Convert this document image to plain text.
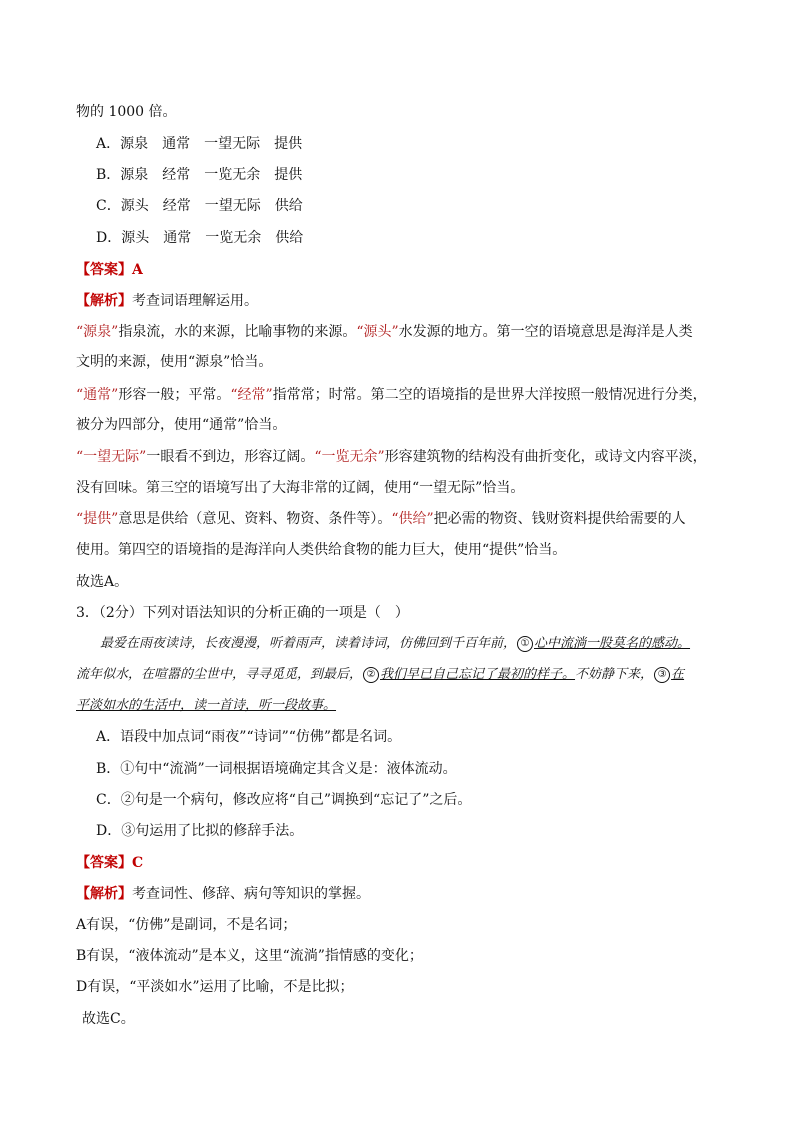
物的 1000 倍。
A．源泉　通常　一望无际　提供
B．源泉　经常　一览无余　提供
C．源头　经常　一望无际　供给
D．源头　通常　一览无余　供给
【答案】A
【解析】考查词语理解运用。
“源泉”指泉流，水的来源，比喻事物的来源。“源头”水发源的地方。第一空的语境意思是海洋是人类
文明的来源，使用“源泉”恰当。
“通常”形容一般；平常。“经常”指常常；时常。第二空的语境指的是世界大洋按照一般情况进行分类，
被分为四部分，使用“通常”恰当。
“一望无际”一眼看不到边，形容辽阔。“一览无余”形容建筑物的结构没有曲折变化，或诗文内容平淡，
没有回味。第三空的语境写出了大海非常的辽阔，使用“一望无际”恰当。
“提供”意思是供给（意见、资料、物资、条件等）。“供给”把必需的物资、钱财资料提供给需要的人
使用。第四空的语境指的是海洋向人类供给食物的能力巨大，使用“提供”恰当。
故选A。
3．（2分）下列对语法知识的分析正确的一项是（　）
最爱在雨夜读诗，长夜漫漫，听着雨声，读着诗词，仿佛回到千百年前， ① 心中流淌一股莫名的感动。
流年似水，在喧嚣的尘世中，寻寻觅觅，到最后， ② 我们早已自己忘记了最初的样子。不妨静下来， ③ 在
平淡如水的生活中，读一首诗，听一段故事。
A．语段中加点词“雨夜”“诗词”“仿佛”都是名词。
B．①句中“流淌”一词根据语境确定其含义是：液体流动。
C．②句是一个病句，修改应将“自己”调换到“忘记了”之后。
D．③句运用了比拟的修辞手法。
【答案】C
【解析】考查词性、修辞、病句等知识的掌握。
A有误，“仿佛”是副词，不是名词；
B有误，“液体流动”是本义，这里“流淌”指情感的变化；
D有误，“平淡如水”运用了比喻，不是比拟；
故选C。
